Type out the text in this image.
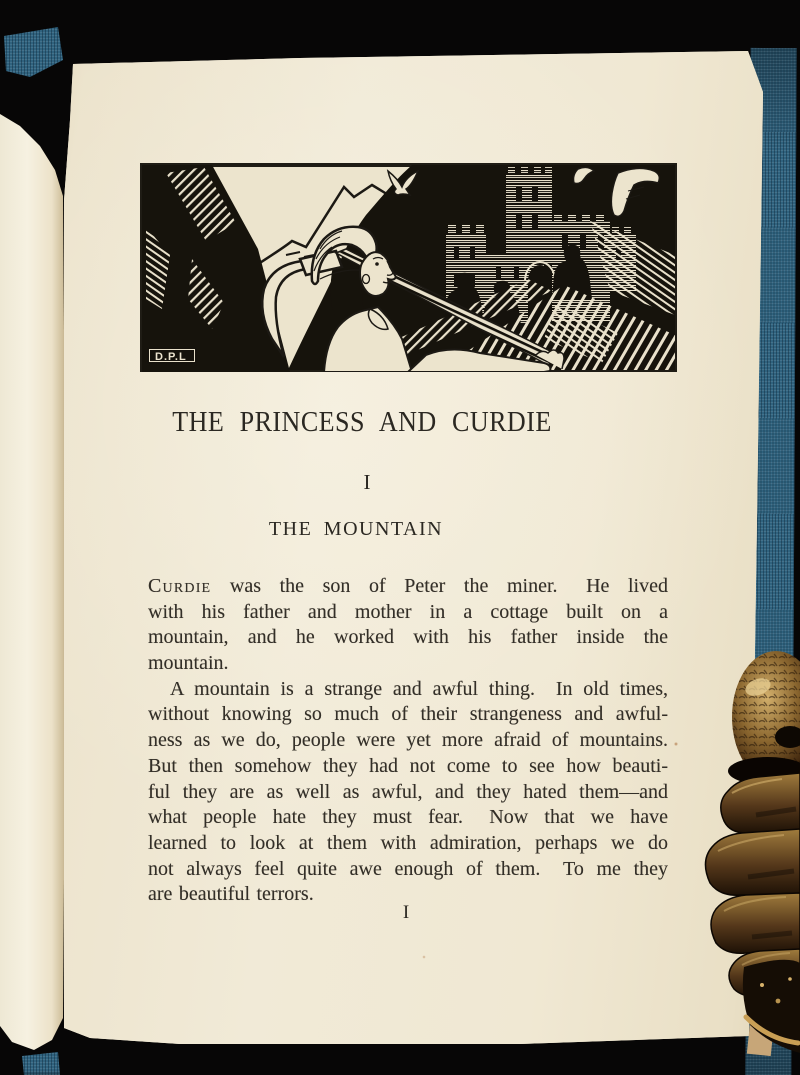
D.P.L
THE PRINCESS AND CURDIE
I
THE MOUNTAIN
Curdie was the son of Peter the miner.  He lived
with his father and mother in a cottage built on a
mountain, and he worked with his father inside the
mountain.
A mountain is a strange and awful thing.  In old times,
without knowing so much of their strangeness and awful-
ness as we do, people were yet more afraid of mountains.
But then somehow they had not come to see how beauti-
ful they are as well as awful, and they hated them—and
what people hate they must fear.  Now that we have
learned to look at them with admiration, perhaps we do
not always feel quite awe enough of them.  To me they
are beautiful terrors.
I
